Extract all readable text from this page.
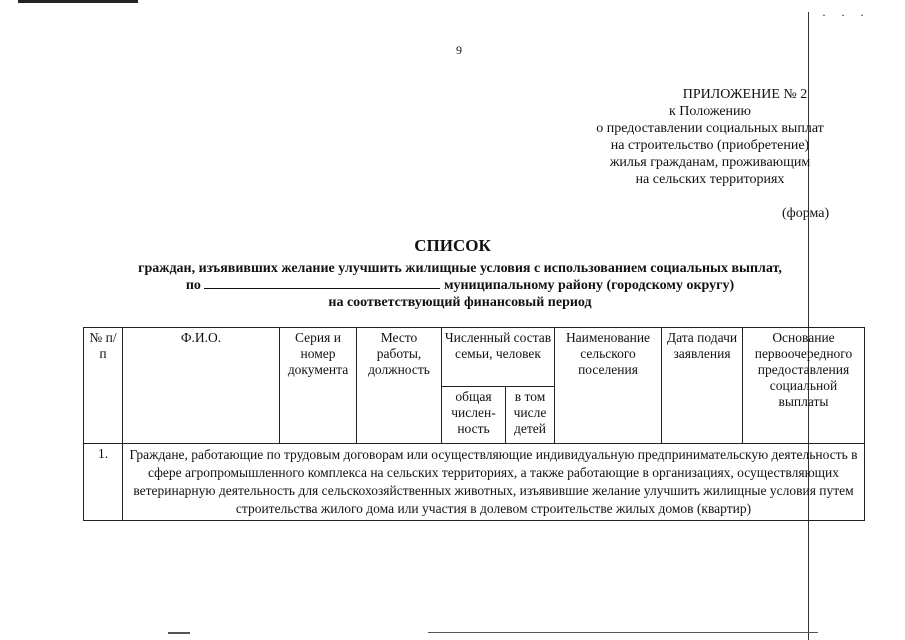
· · ·
9
ПРИЛОЖЕНИЕ № 2
к Положению
о предоставлении социальных выплат
на строительство (приобретение)
жилья гражданам, проживающим
на сельских территориях
(форма)
СПИСОК
граждан, изъявивших желание улучшить жилищные условия с использованием социальных выплат,
по	муниципальному району (городскому округу)
на соответствующий финансовый период
№ п/п	Ф.И.О.	Серия и номер документа	Место работы, должность	Численный состав семьи, человек		Наименование сельского поселения	Дата подачи заявления	Основание первоочередного предоставления социальной выплаты
				общая числен-ность	в том числе детей			
1.	Граждане, работающие по трудовым договорам или осуществляющие индивидуальную предпринимательскую деятельность в сфере агропромышленного комплекса на сельских территориях, а также работающие в организациях, осуществляющих ветеринарную деятельность для сельскохозяйственных животных, изъявившие желание улучшить жилищные условия путем строительства жилого дома или участия в долевом строительстве жилых домов (квартир)							
